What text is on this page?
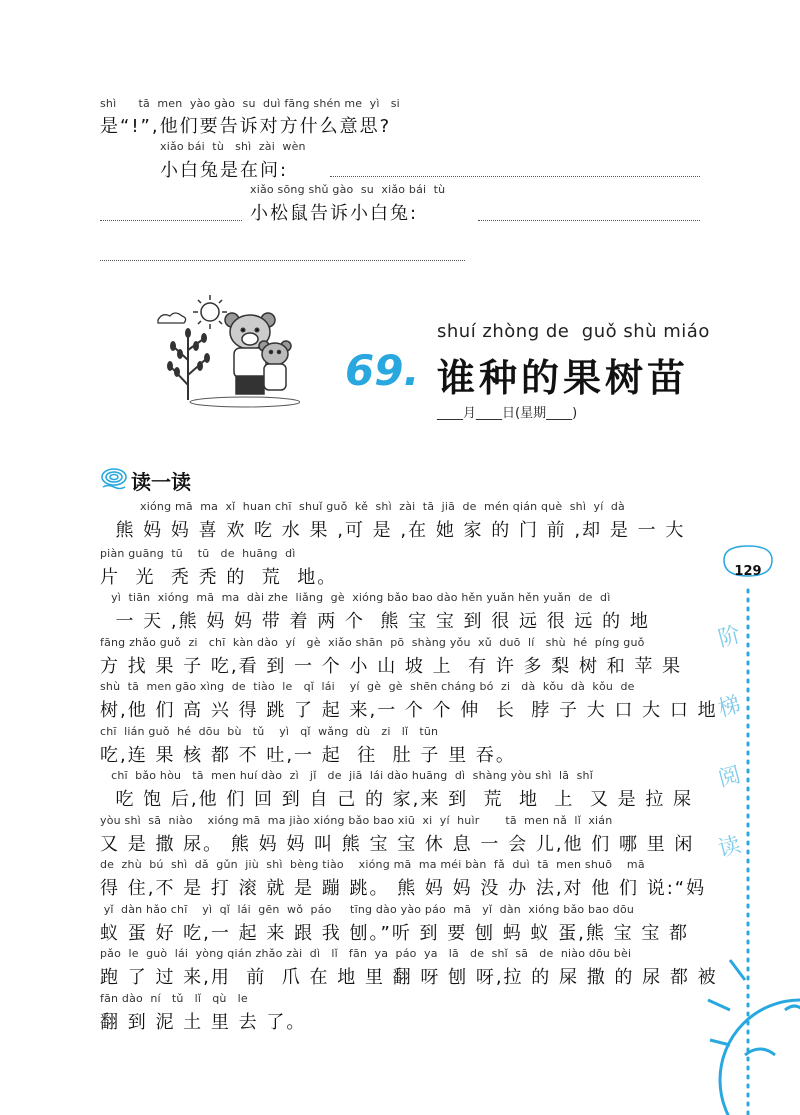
shì      tā  men  yào gào  su  duì fāng shén me  yì   si
是“!”,他们要告诉对方什么意思?
xiǎo bái  tù   shì  zài  wèn
小白兔是在问:
xiǎo sōng shǔ gào  su  xiǎo bái  tù
小松鼠告诉小白兔:
69.
shuí zhòng de  guǒ shù miáo
谁种的果树苗
____月____日(星期____)
读一读
xióng mā  ma  xǐ  huan chī  shuǐ guǒ  kě  shì  zài  tā  jiā  de  mén qián què  shì  yí  dà
熊 妈 妈 喜 欢 吃 水 果 ,可 是 ,在 她 家 的 门 前 ,却 是 一 大
piàn guāng  tū    tū   de  huāng  dì
片  光  秃 秃 的  荒  地。
yì  tiān  xióng  mā  ma  dài zhe  liǎng  gè  xióng bǎo bao dào hěn yuǎn hěn yuǎn  de  dì
一 天 ,熊 妈 妈 带 着 两 个  熊 宝 宝 到 很 远 很 远 的 地
fāng zhǎo guǒ  zi   chī  kàn dào  yí   gè  xiǎo shān  pō  shàng yǒu  xǔ  duō  lí   shù  hé  píng guǒ
方 找 果 子 吃,看 到 一 个 小 山 坡 上  有 许 多 梨 树 和 苹 果
shù  tā  men gāo xìng  de  tiào  le   qǐ  lái    yí  gè  gè  shēn cháng bó  zi   dà  kǒu  dà  kǒu  de
树,他 们 高 兴 得 跳 了 起 来,一 个 个 伸  长  脖 子 大 口 大 口 地
chī  lián guǒ  hé  dōu  bù   tǔ    yì   qǐ  wǎng  dù   zi   lǐ   tūn
吃,连 果 核 都 不 吐,一 起  往  肚 子 里 吞。
chī  bǎo hòu   tā  men huí dào  zì   jǐ   de  jiā  lái dào huāng  dì  shàng yòu shì  lā  shǐ
吃 饱 后,他 们 回 到 自 己 的 家,来 到  荒  地  上  又 是 拉 屎
yòu shì  sā  niào    xióng mā  ma jiào xióng bǎo bao xiū  xi  yí  huìr       tā  men nǎ  lǐ  xián
又 是 撒 尿。 熊 妈 妈 叫 熊 宝 宝 休 息 一 会 儿,他 们 哪 里 闲
de  zhù  bú  shì  dǎ  gǔn  jiù  shì  bèng tiào    xióng mā  ma méi bàn  fǎ  duì  tā  men shuō    mā
得 住,不 是 打 滚 就 是 蹦 跳。 熊 妈 妈 没 办 法,对 他 们 说:“妈
yǐ  dàn hǎo chī    yì  qǐ  lái  gēn  wǒ  páo     tīng dào yào páo  mā   yǐ  dàn  xióng bǎo bao dōu
蚁 蛋 好 吃,一 起 来 跟 我 刨。”听 到 要 刨 蚂 蚁 蛋,熊 宝 宝 都
pǎo  le  guò  lái  yòng qián zhǎo zài  dì   lǐ   fān  ya  páo  ya   lā   de  shǐ  sā   de  niào dōu bèi
跑 了 过 来,用  前  爪 在 地 里 翻 呀 刨 呀,拉 的 屎 撒 的 尿 都 被
fān dào  ní   tǔ   lǐ   qù   le
翻 到 泥 土 里 去 了。
129
阶
梯
阅
读
